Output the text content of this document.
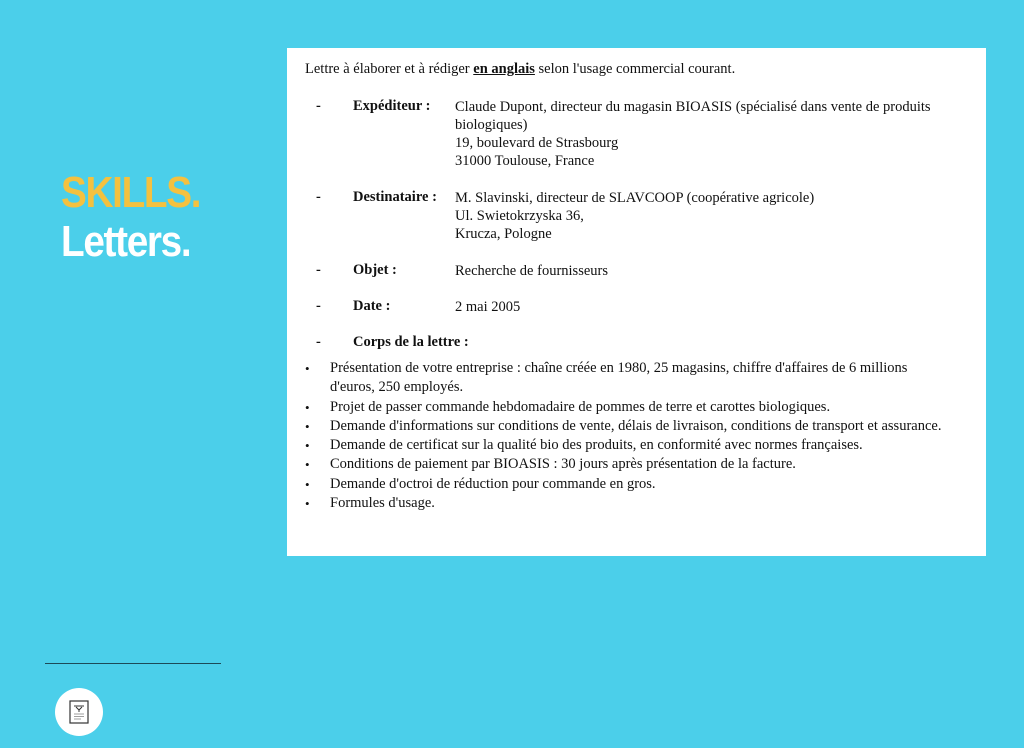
SKILLS.
Letters.
Lettre à élaborer et à rédiger en anglais selon l'usage commercial courant.
- Expéditeur : Claude Dupont, directeur du magasin BIOASIS (spécialisé dans vente de produits biologiques)
19, boulevard de Strasbourg
31000 Toulouse, France
- Destinataire : M. Slavinski, directeur de SLAVCOOP (coopérative agricole)
Ul. Swietokrzyska 36,
Krucza, Pologne
- Objet :	Recherche de fournisseurs
- Date :	2 mai 2005
- Corps de la lettre :
• Présentation de votre entreprise : chaîne créée en 1980, 25 magasins, chiffre d'affaires de 6 millions d'euros, 250 employés.
• Projet de passer commande hebdomadaire de pommes de terre et carottes biologiques.
• Demande d'informations sur conditions de vente, délais de livraison, conditions de transport et assurance.
• Demande de certificat sur la qualité bio des produits, en conformité avec normes françaises.
• Conditions de paiement par BIOASIS : 30 jours après présentation de la facture.
• Demande d'octroi de réduction pour commande en gros.
• Formules d'usage.
